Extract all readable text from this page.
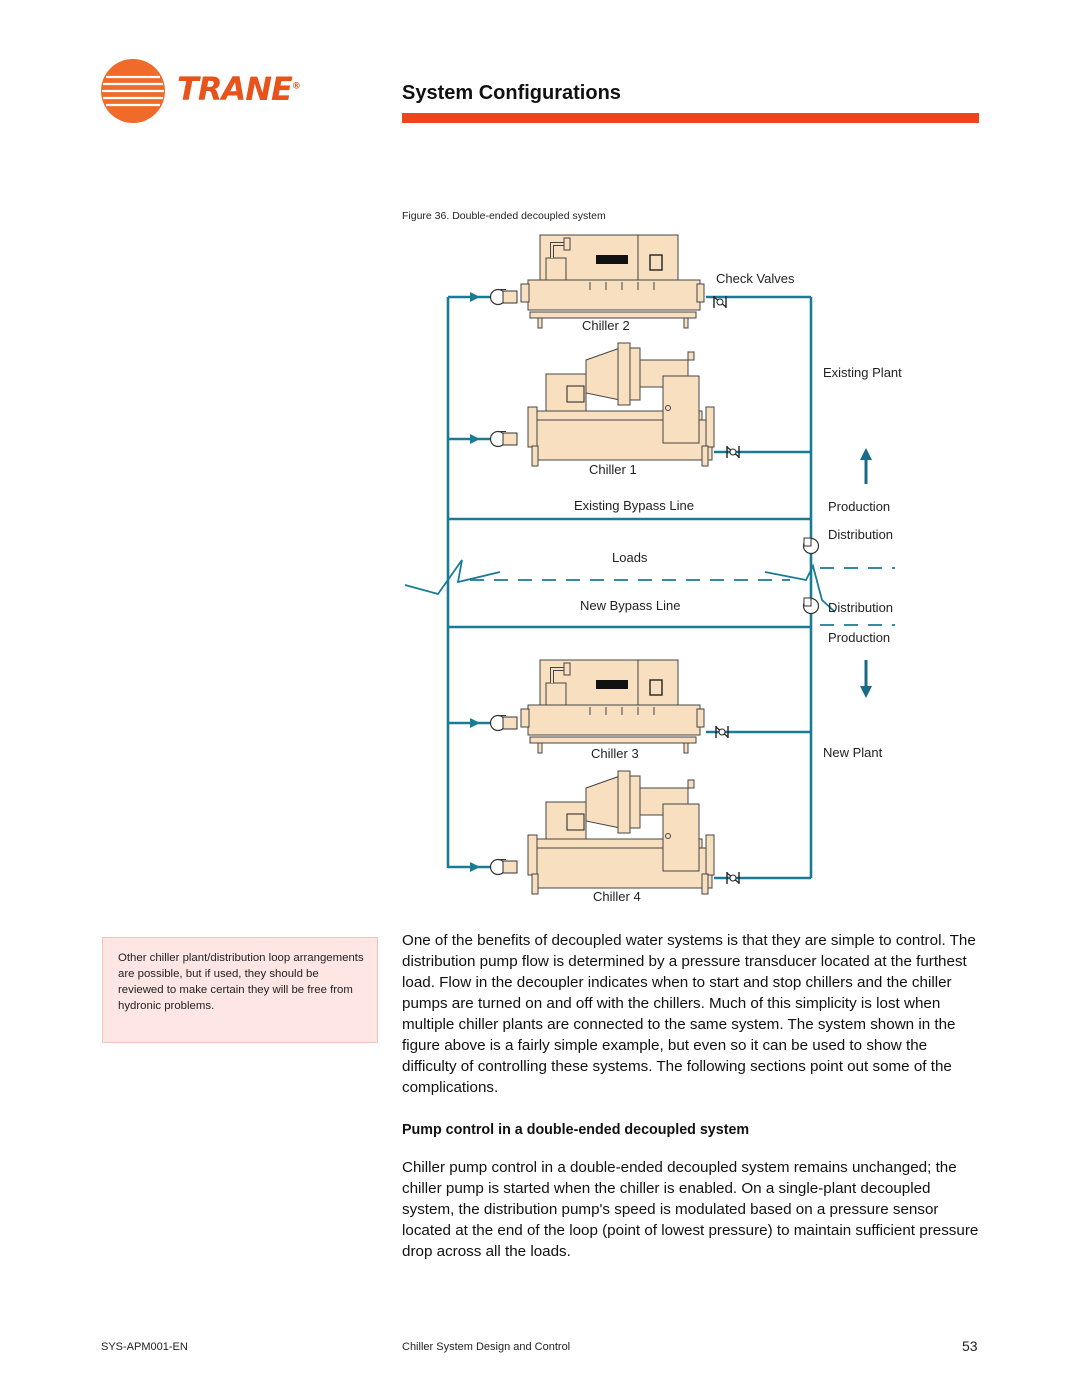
TRANE®	System Configurations
Figure 36. Double-ended decoupled system
Check Valves
Chiller 2
Existing Plant
Chiller 1
Existing Bypass Line	Production
Distribution
Loads
New Bypass Line	Distribution
Production
Chiller 3	New Plant
Chiller 4
Other chiller plant/distribution loop arrangements are possible, but if used, they should be reviewed to make certain they will be free from hydronic problems.
One of the benefits of decoupled water systems is that they are simple to control. The distribution pump flow is determined by a pressure transducer located at the furthest load. Flow in the decoupler indicates when to start and stop chillers and the chiller pumps are turned on and off with the chillers. Much of this simplicity is lost when multiple chiller plants are connected to the same system. The system shown in the figure above is a fairly simple example, but even so it can be used to show the difficulty of controlling these systems. The following sections point out some of the complications.
Pump control in a double-ended decoupled system
Chiller pump control in a double-ended decoupled system remains unchanged; the chiller pump is started when the chiller is enabled. On a single-plant decoupled system, the distribution pump's speed is modulated based on a pressure sensor located at the end of the loop (point of lowest pressure) to maintain sufficient pressure drop across all the loads.
SYS-APM001-EN	Chiller System Design and Control	53
